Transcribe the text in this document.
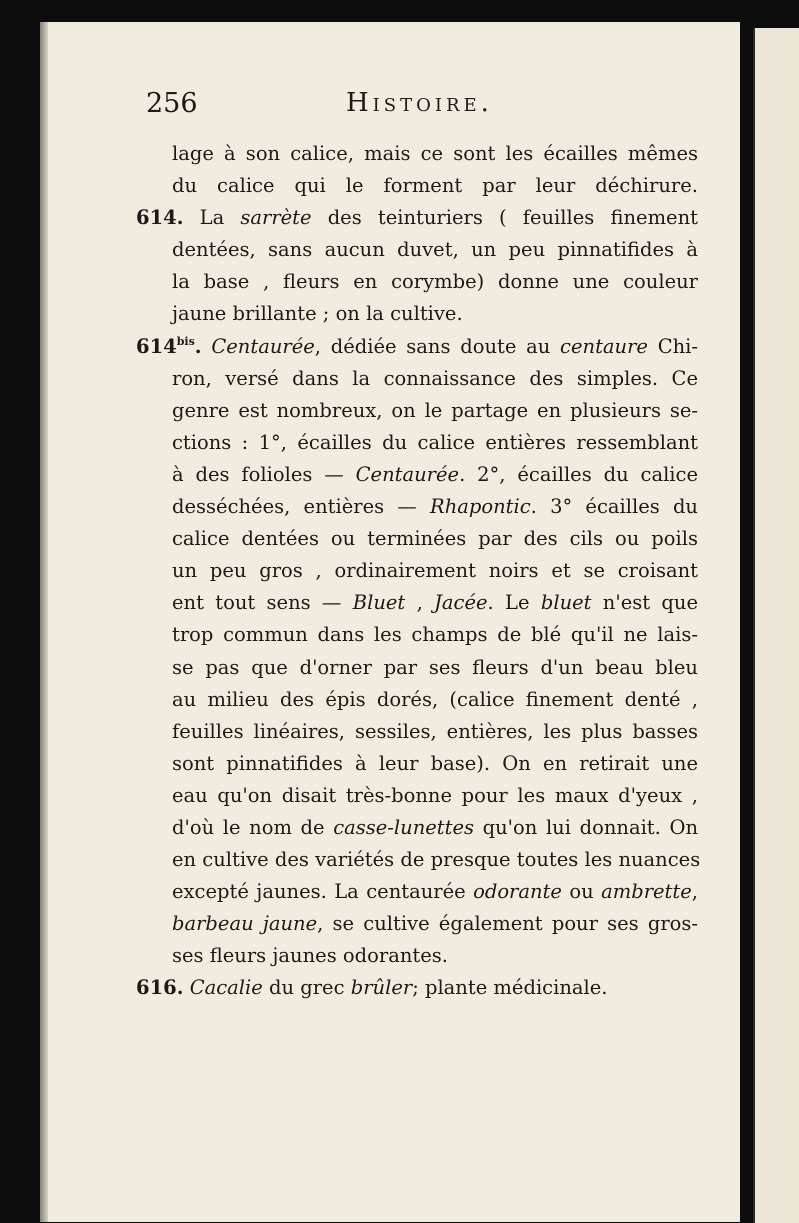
256	Histoire.
lage à son calice, mais ce sont les écailles mêmes
du calice qui le forment par leur déchirure.
614. La sarrète des teinturiers ( feuilles finement
dentées, sans aucun duvet, un peu pinnatifides à
la base , fleurs en corymbe) donne une couleur
jaune brillante ; on la cultive.
$614^{bis}$. Centaurée, dédiée sans doute au centaure Chi-
ron, versé dans la connaissance des simples. Ce
genre est nombreux, on le partage en plusieurs se-
ctions : 1°, écailles du calice entières ressemblant
à des folioles — Centaurée. 2°, écailles du calice
desséchées, entières — Rhapontic. 3° écailles du
calice dentées ou terminées par des cils ou poils
un peu gros , ordinairement noirs et se croisant
ent tout sens — Bluet , Jacée. Le bluet n'est que
trop commun dans les champs de blé qu'il ne lais-
se pas que d'orner par ses fleurs d'un beau bleu
au milieu des épis dorés, (calice finement denté ,
feuilles linéaires, sessiles, entières, les plus basses
sont pinnatifides à leur base). On en retirait une
eau qu'on disait très-bonne pour les maux d'yeux ,
d'où le nom de casse-lunettes qu'on lui donnait. On
en cultive des variétés de presque toutes les nuances
excepté jaunes. La centaurée odorante ou ambrette,
barbeau jaune, se cultive également pour ses gros-
ses fleurs jaunes odorantes.
616. Cacalie du grec brûler; plante médicinale.
